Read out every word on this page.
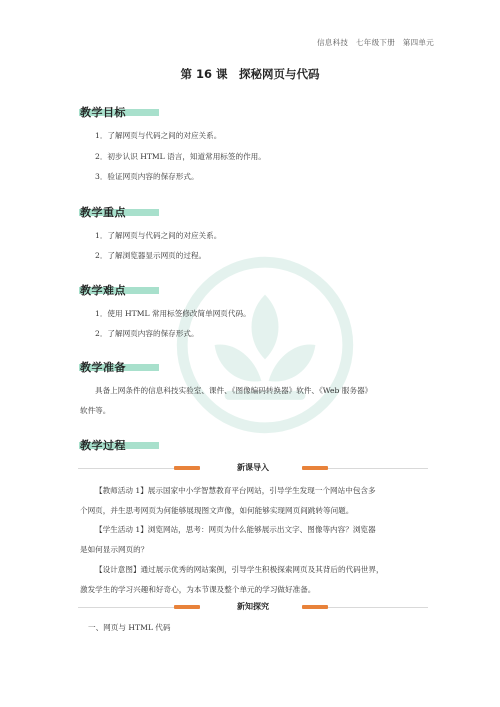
信息科技　七年级下册　第四单元
第 16 课　探秘网页与代码
教学目标
1．了解网页与代码之间的对应关系。
2．初步认识 HTML 语言，知道常用标签的作用。
3．验证网页内容的保存形式。
教学重点
1．了解网页与代码之间的对应关系。
2．了解浏览器显示网页的过程。
教学难点
1．使用 HTML 常用标签修改简单网页代码。
2．了解网页内容的保存形式。
教学准备
具备上网条件的信息科技实验室、课件、《图像编码转换器》软件、《Web 服务器》
软件等。
教学过程
新课导入
【教师活动 1】展示国家中小学智慧教育平台网站，引导学生发现一个网站中包含多
个网页，并生思考网页为何能够展现图文声像，如何能够实现网页间跳转等问题。
【学生活动 1】浏览网站，思考：网页为什么能够展示出文字、图像等内容？浏览器
是如何显示网页的？
【设计意图】通过展示优秀的网站案例，引导学生积极探索网页及其背后的代码世界，
激发学生的学习兴趣和好奇心，为本节课及整个单元的学习做好准备。
新知探究
一、网页与 HTML 代码
